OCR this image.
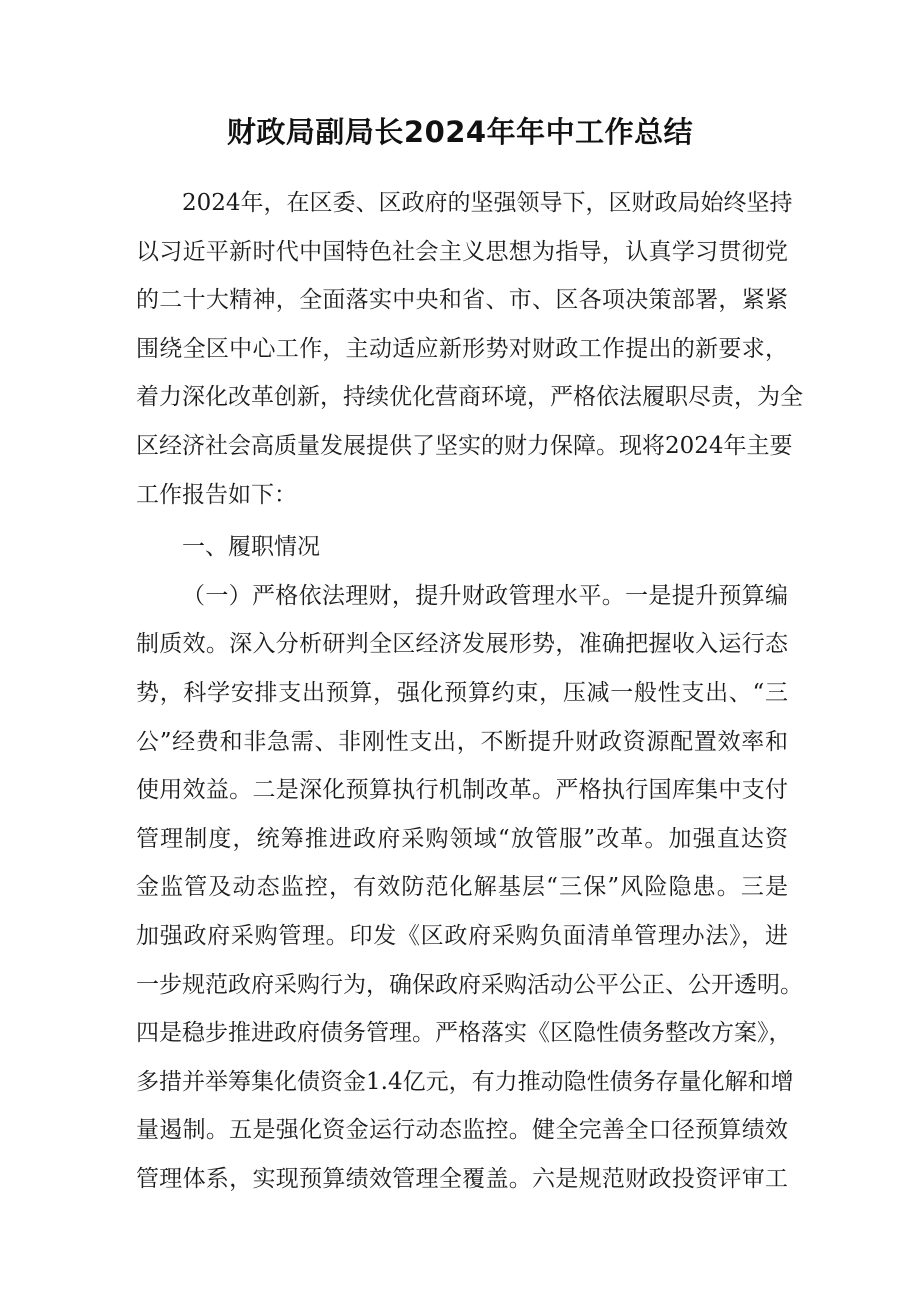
财政局副局长2024年年中工作总结
2024年，在区委、区政府的坚强领导下，区财政局始终坚持
以习近平新时代中国特色社会主义思想为指导，认真学习贯彻党
的二十大精神，全面落实中央和省、市、区各项决策部署，紧紧
围绕全区中心工作，主动适应新形势对财政工作提出的新要求，
着力深化改革创新，持续优化营商环境，严格依法履职尽责，为全
区经济社会高质量发展提供了坚实的财力保障。现将2024年主要
工作报告如下：
一、履职情况
（一）严格依法理财，提升财政管理水平。一是提升预算编
制质效。深入分析研判全区经济发展形势，准确把握收入运行态
势，科学安排支出预算，强化预算约束，压减一般性支出、“三
公”经费和非急需、非刚性支出，不断提升财政资源配置效率和
使用效益。二是深化预算执行机制改革。严格执行国库集中支付
管理制度，统筹推进政府采购领域“放管服”改革。加强直达资
金监管及动态监控，有效防范化解基层“三保”风险隐患。三是
加强政府采购管理。印发《区政府采购负面清单管理办法》，进
一步规范政府采购行为，确保政府采购活动公平公正、公开透明。
四是稳步推进政府债务管理。严格落实《区隐性债务整改方案》，
多措并举筹集化债资金1.4亿元，有力推动隐性债务存量化解和增
量遏制。五是强化资金运行动态监控。健全完善全口径预算绩效
管理体系，实现预算绩效管理全覆盖。六是规范财政投资评审工
